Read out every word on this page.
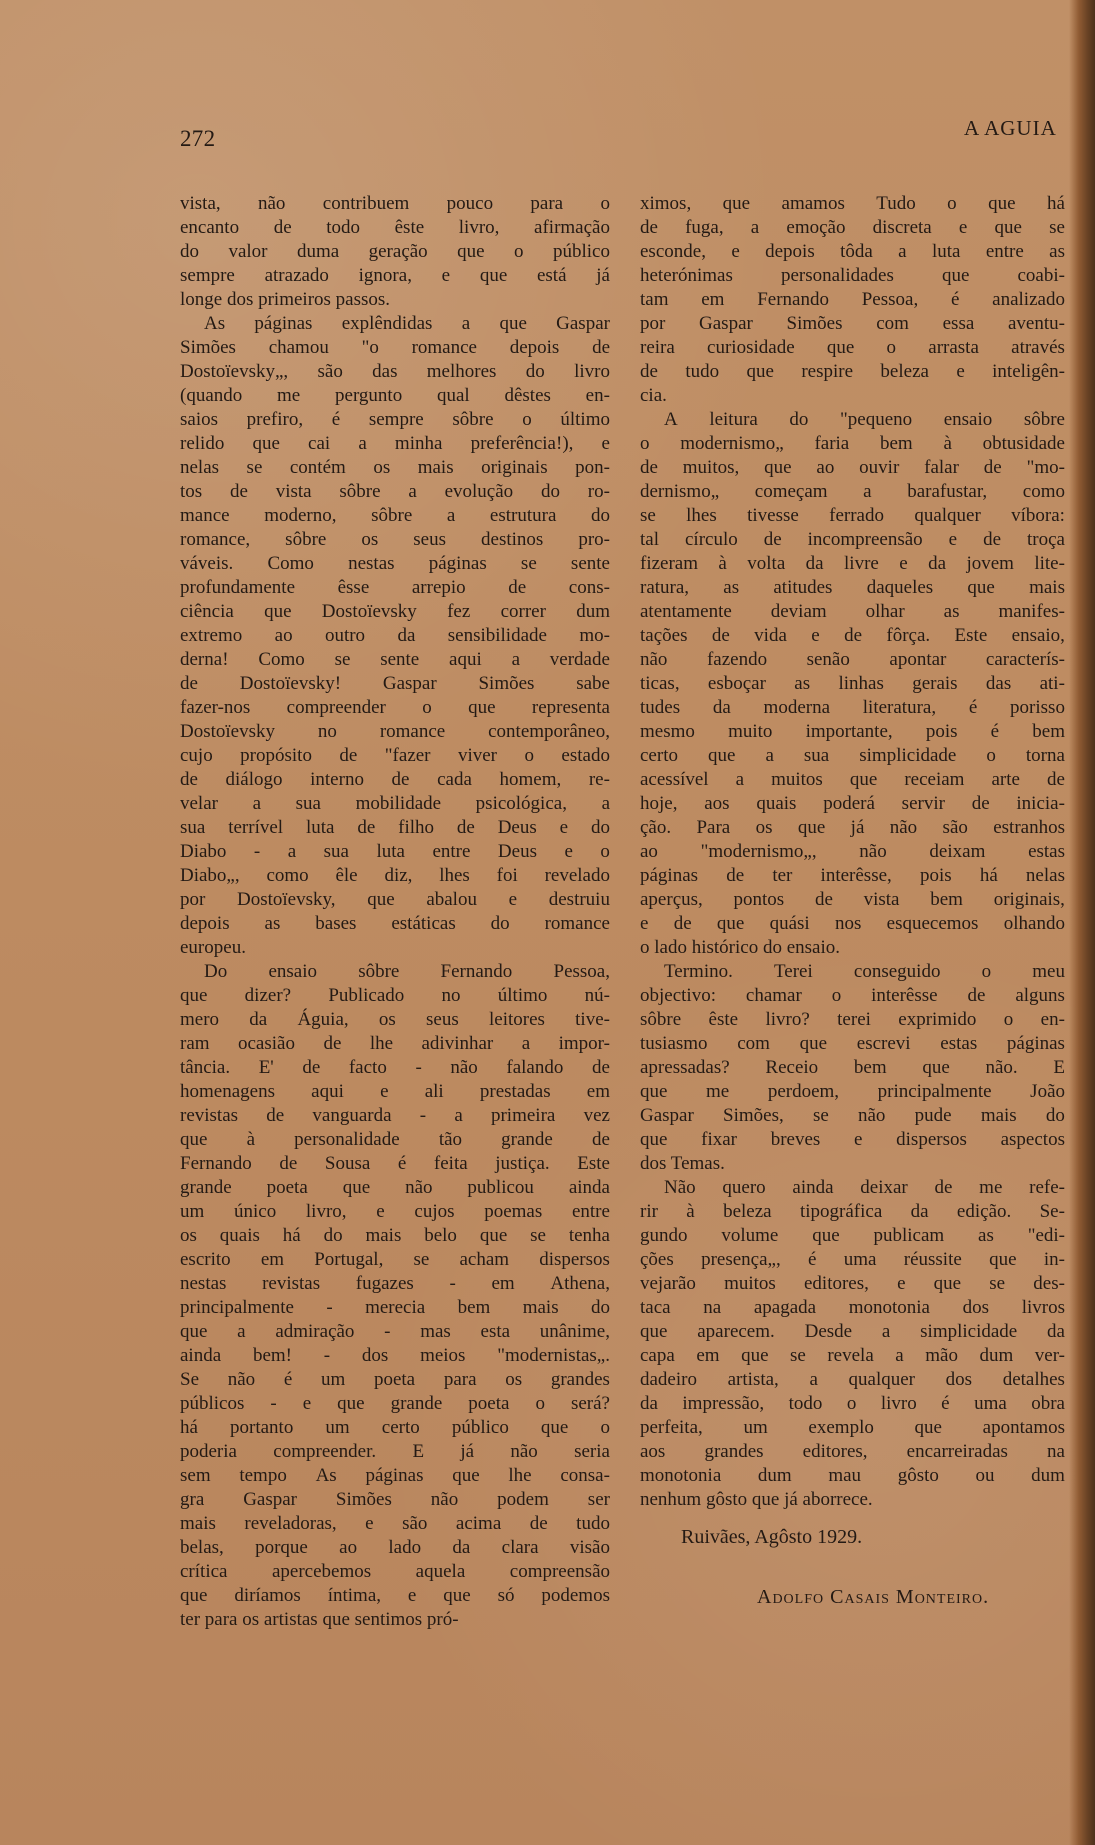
272	A AGUIA
vista, não contribuem pouco para o
encanto de todo êste livro, afirmação
do valor duma geração que o público
sempre atrazado ignora, e que está já
longe dos primeiros passos.
As páginas explêndidas a que Gaspar
Simões chamou "o romance depois de
Dostoïevsky„, são das melhores do livro
(quando me pergunto qual dêstes en-
saios prefiro, é sempre sôbre o último
relido que cai a minha preferência!), e
nelas se contém os mais originais pon-
tos de vista sôbre a evolução do ro-
mance moderno, sôbre a estrutura do
romance, sôbre os seus destinos pro-
váveis. Como nestas páginas se sente
profundamente êsse arrepio de cons-
ciência que Dostoïevsky fez correr dum
extremo ao outro da sensibilidade mo-
derna! Como se sente aqui a verdade
de Dostoïevsky! Gaspar Simões sabe
fazer-nos compreender o que representa
Dostoïevsky no romance contemporâneo,
cujo propósito de "fazer viver o estado
de diálogo interno de cada homem, re-
velar a sua mobilidade psicológica, a
sua terrível luta de filho de Deus e do
Diabo - a sua luta entre Deus e o
Diabo„, como êle diz, lhes foi revelado
por Dostoïevsky, que abalou e destruiu
depois as bases estáticas do romance
europeu.
Do ensaio sôbre Fernando Pessoa,
que dizer? Publicado no último nú-
mero da Águia, os seus leitores tive-
ram ocasião de lhe adivinhar a impor-
tância. E' de facto - não falando de
homenagens aqui e ali prestadas em
revistas de vanguarda - a primeira vez
que à personalidade tão grande de
Fernando de Sousa é feita justiça. Este
grande poeta que não publicou ainda
um único livro, e cujos poemas entre
os quais há do mais belo que se tenha
escrito em Portugal, se acham dispersos
nestas revistas fugazes - em Athena,
principalmente - merecia bem mais do
que a admiração - mas esta unânime,
ainda bem! - dos meios "modernistas„.
Se não é um poeta para os grandes
públicos - e que grande poeta o será?
há portanto um certo público que o
poderia compreender. E já não seria
sem tempo As páginas que lhe consa-
gra Gaspar Simões não podem ser
mais reveladoras, e são acima de tudo
belas, porque ao lado da clara visão
crítica apercebemos aquela compreensão
que diríamos íntima, e que só podemos
ter para os artistas que sentimos pró-
ximos, que amamos Tudo o que há
de fuga, a emoção discreta e que se
esconde, e depois tôda a luta entre as
heterónimas	personalidades	que	coabi-
tam em Fernando Pessoa, é analizado
por Gaspar Simões com essa aventu-
reira curiosidade que o arrasta através
de tudo que respire beleza e inteligên-
cia.
A leitura do "pequeno ensaio sôbre
o modernismo„ faria bem à obtusidade
de muitos, que ao ouvir falar de "mo-
dernismo„ começam a barafustar, como
se lhes tivesse ferrado qualquer víbora:
tal círculo de incompreensão e de troça
fizeram à volta da livre e da jovem lite-
ratura, as atitudes daqueles que mais
atentamente deviam olhar as manifes-
tações de vida e de fôrça. Este ensaio,
não fazendo senão apontar caracterís-
ticas, esboçar as linhas gerais das ati-
tudes da moderna literatura, é porisso
mesmo muito importante, pois é bem
certo que a sua simplicidade o torna
acessível a muitos que receiam arte de
hoje, aos quais poderá servir de inicia-
ção. Para os que já não são estranhos
ao "modernismo„, não deixam estas
páginas de ter interêsse, pois há nelas
aperçus, pontos de vista bem originais,
e de que quási nos esquecemos olhando
o lado histórico do ensaio.
Termino. Terei conseguido o meu
objectivo: chamar o interêsse de alguns
sôbre êste livro? terei exprimido o en-
tusiasmo com que escrevi estas páginas
apressadas? Receio bem que não. E
que me perdoem, principalmente João
Gaspar Simões, se não pude mais do
que fixar breves e dispersos aspectos
dos Temas.
Não quero ainda deixar de me refe-
rir à beleza tipográfica da edição. Se-
gundo volume que publicam as "edi-
ções presença„, é uma réussite que in-
vejarão muitos editores, e que se des-
taca na apagada monotonia dos livros
que aparecem. Desde a simplicidade da
capa em que se revela a mão dum ver-
dadeiro artista, a qualquer dos detalhes
da impressão, todo o livro é uma obra
perfeita, um exemplo que apontamos
aos grandes editores, encarreiradas na
monotonia dum mau gôsto ou dum
nenhum gôsto que já aborrece.
Ruivães, Agôsto 1929.
Adolfo Casais Monteiro.
